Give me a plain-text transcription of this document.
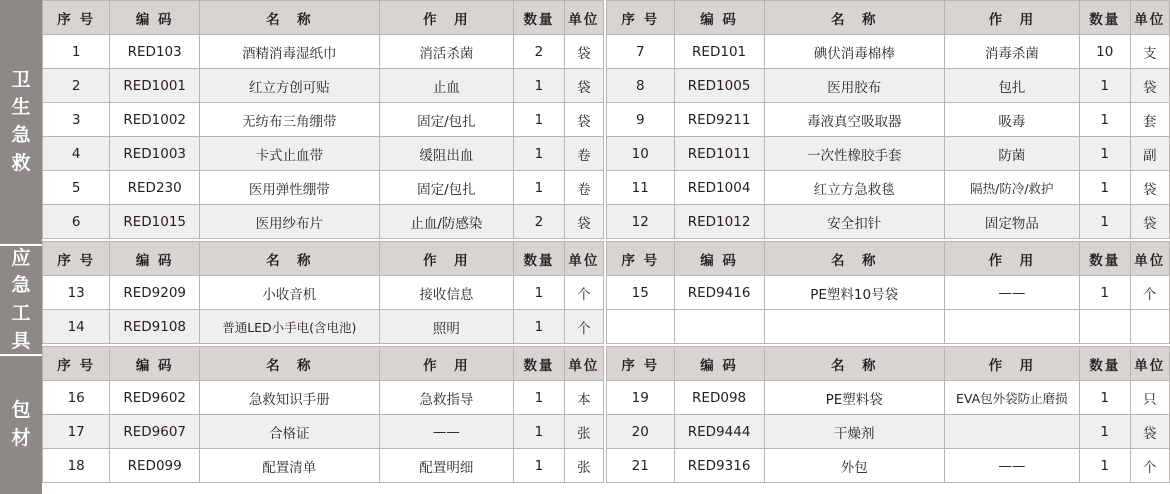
卫
生
急
救
应
急
工
具
包
材
序 号	编 码	名　称	作　用	数量	单位
1	RED103	酒精消毒湿纸巾	消活杀菌	2	袋
2	RED1001	红立方创可贴	止血	1	袋
3	RED1002	无纺布三角绷带	固定/包扎	1	袋
4	RED1003	卡式止血带	缓阻出血	1	卷
5	RED230	医用弹性绷带	固定/包扎	1	卷
6	RED1015	医用纱布片	止血/防感染	2	袋
序 号	编 码	名　称	作　用	数量	单位
7	RED101	碘伏消毒棉棒	消毒杀菌	10	支
8	RED1005	医用胶布	包扎	1	袋
9	RED9211	毒液真空吸取器	吸毒	1	套
10	RED1011	一次性橡胶手套	防菌	1	副
11	RED1004	红立方急救毯	隔热/防冷/救护	1	袋
12	RED1012	安全扣针	固定物品	1	袋
序 号	编 码	名　称	作　用	数量	单位
13	RED9209	小收音机	接收信息	1	个
14	RED9108	普通LED小手电(含电池)	照明	1	个
序 号	编 码	名　称	作　用	数量	单位
15	RED9416	PE塑料10号袋	——	1	个

序 号	编 码	名　称	作　用	数量	单位
16	RED9602	急救知识手册	急救指导	1	本
17	RED9607	合格证	——	1	张
18	RED099	配置清单	配置明细	1	张
序 号	编 码	名　称	作　用	数量	单位
19	RED098	PE塑料袋	EVA包外袋防止磨损	1	只
20	RED9444	干燥剂		1	袋
21	RED9316	外包	——	1	个
